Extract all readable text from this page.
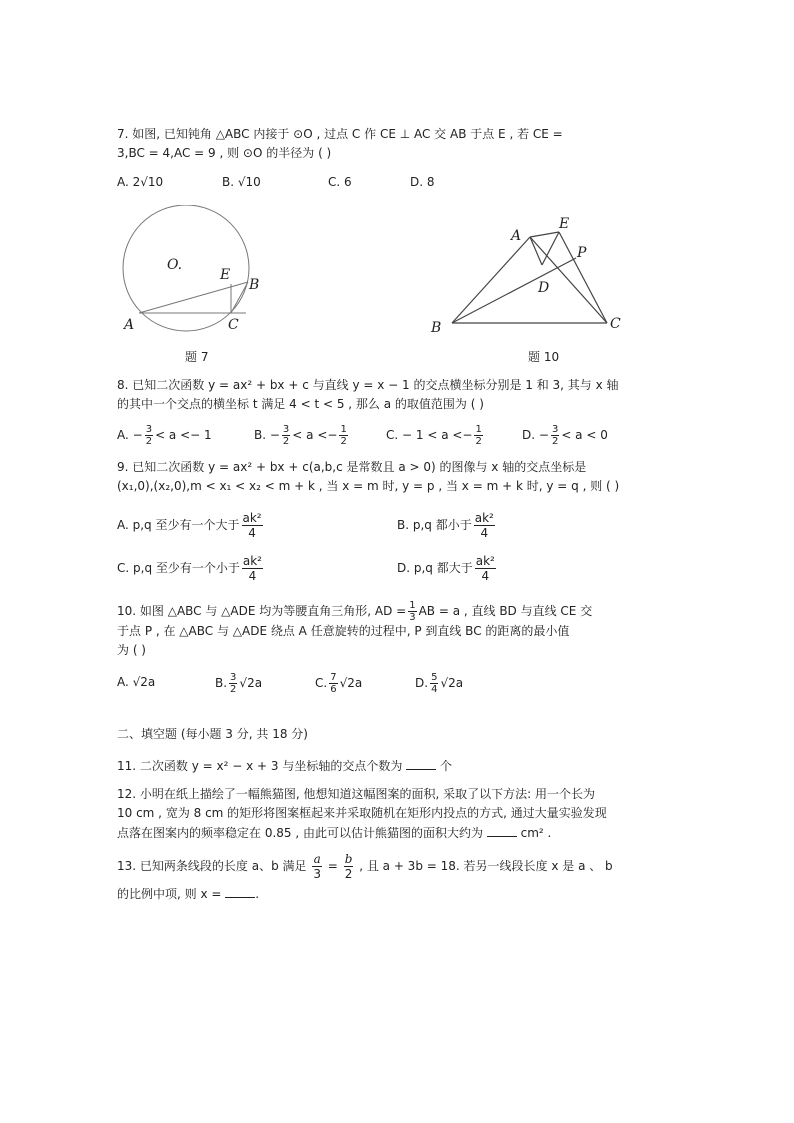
7. 如图, 已知钝角 △ABC 内接于 ⊙O , 过点 C 作 CE ⊥ AC 交 AB 于点 E , 若 CE =
3,BC = 4,AC = 9 , 则 ⊙O 的半径为 ( )
A. 2√10	B. √10	C. 6	D. 8
O.
E
B
A	C
题 7
A
E
P
D
B	C
题 10
8. 已知二次函数 y = ax² + bx + c 与直线 y = x − 1 的交点横坐标分别是 1 和 3, 其与 x 轴
的其中一个交点的横坐标 t 满足 4 < t < 5 , 那么 a 的取值范围为 ( )
A. − $\frac{3}{2} < a <- 1$	B. − $\frac{3}{2} < a <- \frac{1}{2}$	C. − $1 < a <- \frac{1}{2}$	D. − $\frac{3}{2} < a < 0$
9. 已知二次函数 y = ax² + bx + c(a,b,c 是常数且 a > 0) 的图像与 x 轴的交点坐标是
(x₁,0),(x₂,0),m < x₁ < x₂ < m + k , 当 x = m 时, y = p , 当 x = m + k 时, y = q , 则 ( )
A. p,q 至少有一个大于 $\frac{\text{ak²}}{4}$	B. p,q 都小于 $\frac{\text{ak²}}{4}$
C. p,q 至少有一个小于 $\frac{\text{ak²}}{4}$	D. p,q 都大于 $\frac{\text{ak²}}{4}$
10. 如图 △ABC 与 △ADE 均为等腰直角三角形, AD = $\frac{1}{3}$ AB = a , 直线 BD 与直线 CE 交
于点 P , 在 △ABC 与 △ADE 绕点 A 任意旋转的过程中, P 到直线 BC 的距离的最小值
为 ( )
A. √2a	B. $\frac{3}{2} √2a$	C. $\frac{7}{6} √2a$	D. $\frac{5}{4} √2a$
二、填空题 (每小题 3 分, 共 18 分)
11. 二次函数 y = x² − x + 3 与坐标轴的交点个数为	个
12. 小明在纸上描绘了一幅熊猫图, 他想知道这幅图案的面积, 采取了以下方法: 用一个长为
10 cm , 宽为 8 cm 的矩形将图案框起来并采取随机在矩形内投点的方式, 通过大量实验发现
点落在图案内的频率稳定在 0.85 , 由此可以估计熊猫图的面积大约为	cm² .
13. 已知两条线段的长度 a、b 满足 $\frac{a}{3} = \frac{b}{2}$ , 且 a + 3b = 18. 若另一线段长度 x 是 a 、 b
的比例中项, 则 x =	.
